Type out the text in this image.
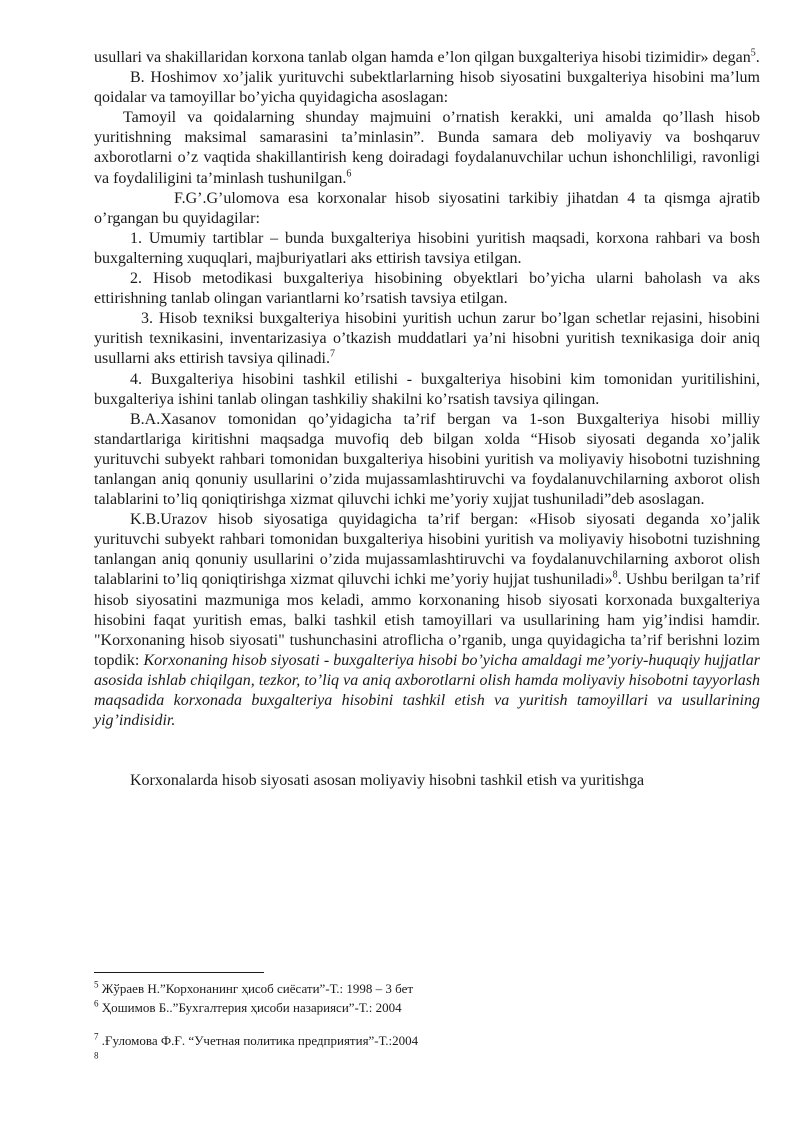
usullari va shakillaridan korxona tanlab olgan hamda e’lon qilgan buxgalteriya hisobi tizimidir» degan$^5$.

B. Hoshimov xo’jalik yurituvchi subektlarlarning hisob siyosatini buxgalteriya hisobini ma’lum qoidalar va tamoyillar bo’yicha quyidagicha asoslagan:

Tamoyil va qoidalarning shunday majmuini o’rnatish kerakki, uni amalda qo’llash hisob yuritishning maksimal samarasini ta’minlasin”. Bunda samara deb moliyaviy va boshqaruv axborotlarni o’z vaqtida shakillantirish keng doiradagi foydalanuvchilar uchun ishonchliligi, ravonligi va foydaliligini ta’minlash tushunilgan.$^6$

F.G’.G’ulomova esa korxonalar hisob siyosatini tarkibiy jihatdan 4 ta qismga ajratib o’rgangan bu quyidagilar:

1. Umumiy tartiblar – bunda buxgalteriya hisobini yuritish maqsadi, korxona rahbari va bosh buxgalterning xuquqlari, majburiyatlari aks ettirish tavsiya etilgan.

2. Hisob metodikasi buxgalteriya hisobining obyektlari bo’yicha ularni baholash va aks ettirishning tanlab olingan variantlarni ko’rsatish tavsiya etilgan.

3. Hisob texniksi buxgalteriya hisobini yuritish uchun zarur bo’lgan schetlar rejasini, hisobini yuritish texnikasini, inventarizasiya o’tkazish muddatlari ya’ni hisobni yuritish texnikasiga doir aniq usullarni aks ettirish tavsiya qilinadi.$^7$

4. Buxgalteriya hisobini tashkil etilishi - buxgalteriya hisobini kim tomonidan yuritilishini, buxgalteriya ishini tanlab olingan tashkiliy shakilni ko’rsatish tavsiya qilingan.

B.A.Xasanov tomonidan qo’yidagicha ta’rif bergan va 1-son Buxgalteriya hisobi milliy standartlariga kiritishni maqsadga muvofiq deb bilgan xolda “Hisob siyosati deganda xo’jalik yurituvchi subyekt rahbari tomonidan buxgalteriya hisobini yuritish va moliyaviy hisobotni tuzishning tanlangan aniq qonuniy usullarini o’zida mujassamlashtiruvchi va foydalanuvchilarning axborot olish talablarini to’liq qoniqtirishga xizmat qiluvchi ichki me’yoriy xujjat tushuniladi”deb asoslagan.

K.B.Urazov hisob siyosatiga quyidagicha ta’rif bergan: «Hisob siyosati deganda xo’jalik yurituvchi subyekt rahbari tomonidan buxgalteriya hisobini yuritish va moliyaviy hisobotni tuzishning tanlangan aniq qonuniy usullarini o’zida mujassamlashtiruvchi va foydalanuvchilarning axborot olish talablarini to’liq qoniqtirishga xizmat qiluvchi ichki me’yoriy hujjat tushuniladi»$^8$. Ushbu berilgan ta’rif hisob siyosatini mazmuniga mos keladi, ammo korxonaning hisob siyosati korxonada buxgalteriya hisobini faqat yuritish emas, balki tashkil etish tamoyillari va usullarining ham yig’indisi hamdir. "Korxonaning hisob siyosati" tushunchasini atroflicha o’rganib, unga quyidagicha ta’rif berishni lozim topdik: Korxonaning hisob siyosati - buxgalteriya hisobi bo’yicha amaldagi me’yoriy-huquqiy hujjatlar asosida ishlab chiqilgan, tezkor, to’liq va aniq axborotlarni olish hamda moliyaviy hisobotni tayyorlash maqsadida korxonada buxgalteriya hisobini tashkil etish va yuritish tamoyillari va usullarining yig’indisidir.

Korxonalarda hisob siyosati asosan moliyaviy hisobni tashkil etish va yuritishga

$^5$ Жўраев Н.”Корхонанинг ҳисоб сиёсати”-Т.: 1998 – 3 бет

$^6$ Ҳошимов Б..”Бухгалтерия ҳисоби назарияси”-Т.: 2004

$^7$ .Ғуломова Ф.Ғ. “Учетная политика предприятия”-Т.:2004

$^8$
